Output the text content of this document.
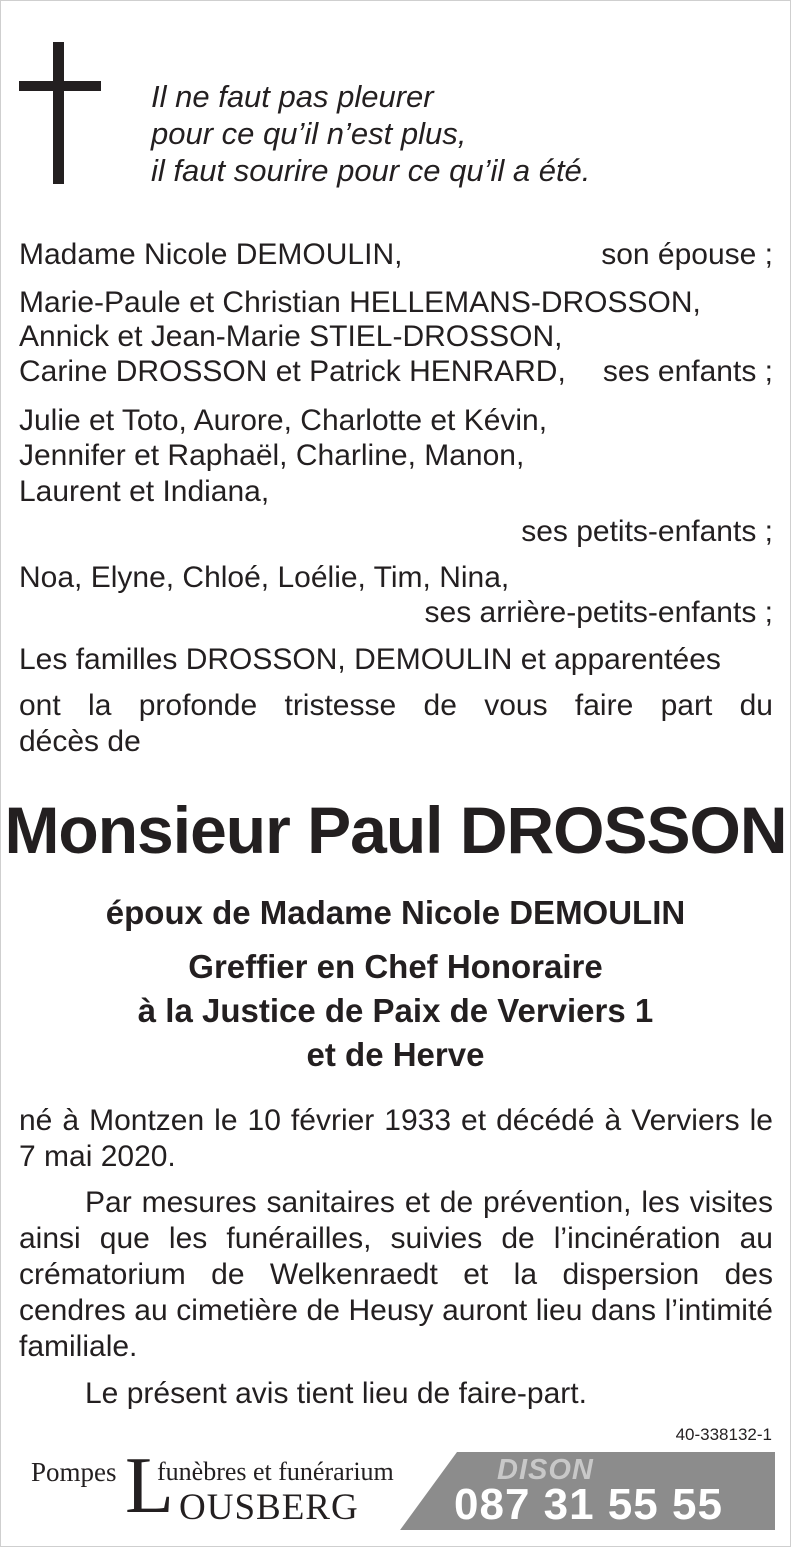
Il ne faut pas pleurer
pour ce qu’il n’est plus,
il faut sourire pour ce qu’il a été.
Madame Nicole DEMOULIN,	son épouse ;
Marie-Paule et Christian HELLEMANS-DROSSON,
Annick et Jean-Marie STIEL-DROSSON,
Carine DROSSON et Patrick HENRARD, ses enfants ;
Julie et Toto, Aurore, Charlotte et Kévin,
Jennifer et Raphaël, Charline, Manon,
Laurent et Indiana,
ses petits-enfants ;
Noa, Elyne, Chloé, Loélie, Tim, Nina,
ses arrière-petits-enfants ;
Les familles DROSSON, DEMOULIN et apparentées
ont la profonde tristesse de vous faire part du
décès de
Monsieur Paul DROSSON
époux de Madame Nicole DEMOULIN
Greffier en Chef Honoraire
à la Justice de Paix de Verviers 1
et de Herve
né à Montzen le 10 février 1933 et décédé à Verviers le 7 mai 2020.
Par mesures sanitaires et de prévention, les visites ainsi que les funérailles, suivies de l’incinération au crématorium de Welkenraedt et la dispersion des cendres au cimetière de Heusy auront lieu dans l’intimité familiale.
Le présent avis tient lieu de faire-part.
40-338132-1
Pompes L
funèbres et funérarium
OUSBERG
DISON
087 31 55 55
